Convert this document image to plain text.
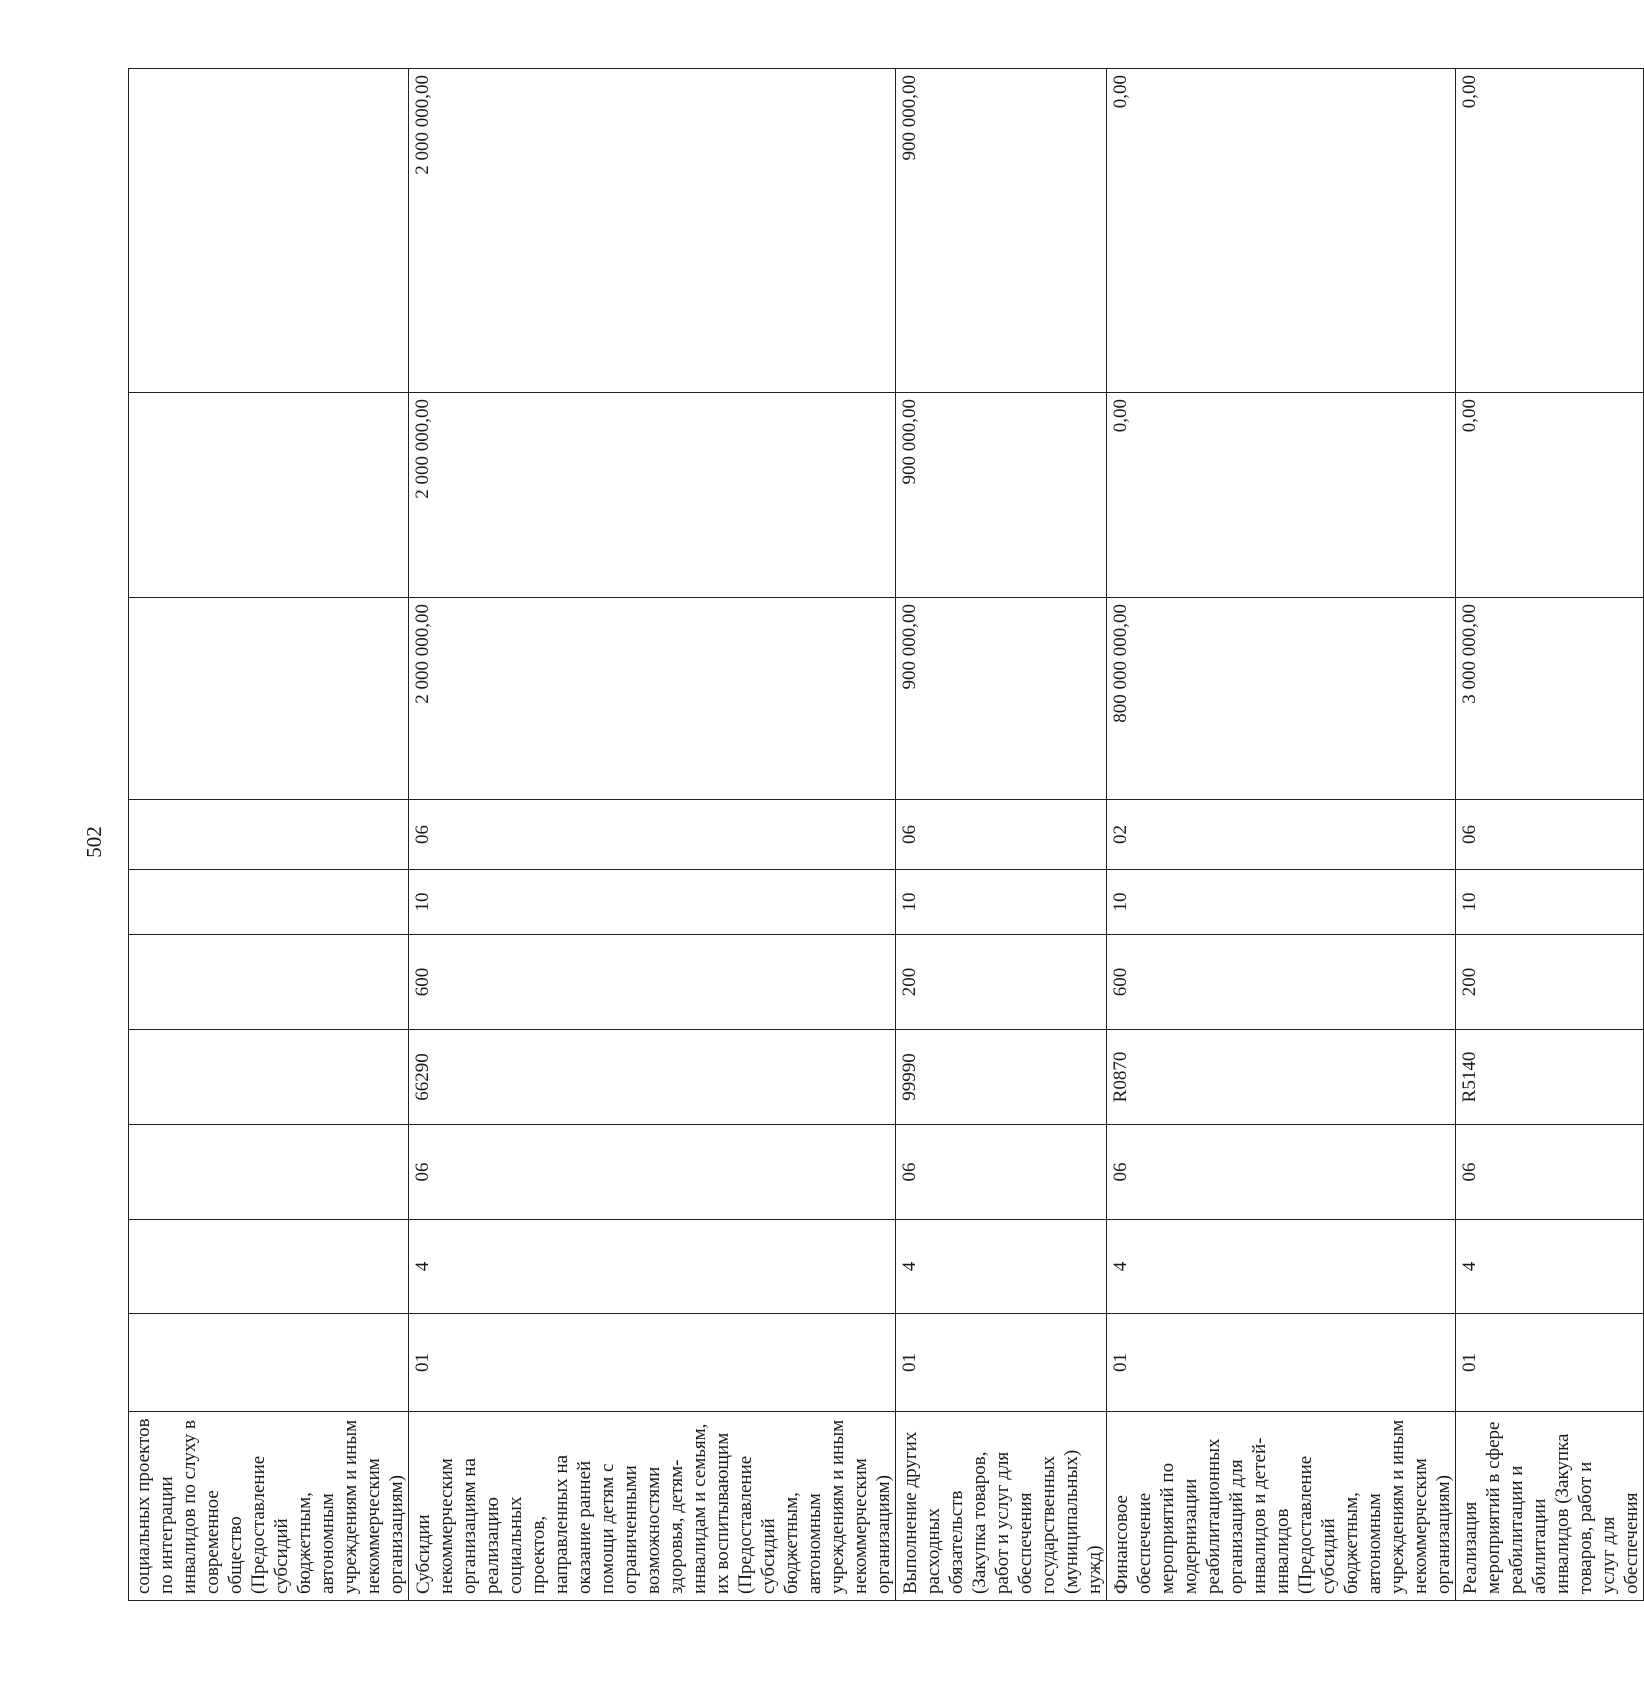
502
социальных проектов по интеграции инвалидов по слуху в современное общество (Предоставление субсидий бюджетным, автономным учреждениям и иным некоммерческим организациям)										
Субсидии некоммерческим организациям на реализацию социальных проектов, направленных на оказание ранней помощи детям с ограниченными возможностями здоровья, детям-инвалидам и семьям, их воспитывающим (Предоставление субсидий бюджетным, автономным учреждениям и иным некоммерческим организациям)	01	4	06	66290	600	10	06	2 000 000,00	2 000 000,00	2 000 000,00
Выполнение других расходных обязательств (Закупка товаров, работ и услуг для обеспечения государственных (муниципальных) нужд)	01	4	06	99990	200	10	06	900 000,00	900 000,00	900 000,00
Финансовое обеспечение мероприятий по модернизации реабилитационных организаций для инвалидов и детей-инвалидов (Предоставление субсидий бюджетным, автономным учреждениям и иным некоммерческим организациям)	01	4	06	R0870	600	10	02	800 000 000,00	0,00	0,00
Реализация мероприятий в сфере реабилитации и абилитации инвалидов (Закупка товаров, работ и услуг для обеспечения	01	4	06	R5140	200	10	06	3 000 000,00	0,00	0,00
